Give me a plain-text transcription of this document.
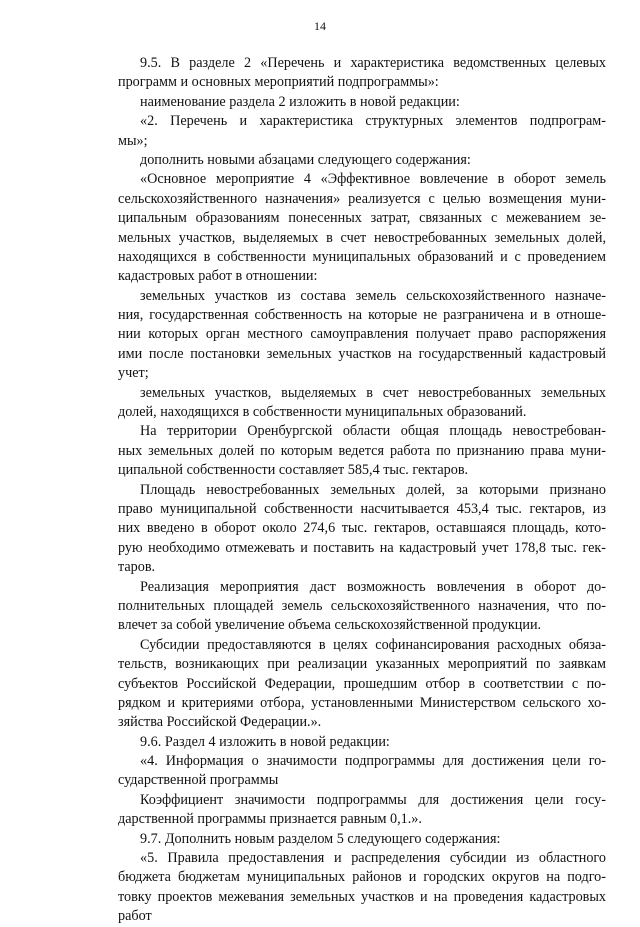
14
9.5. В разделе 2 «Перечень и характеристика ведомственных целевых
программ и основных мероприятий подпрограммы»:
наименование раздела 2 изложить в новой редакции:
«2. Перечень и характеристика структурных элементов подпрограм-
мы»;
дополнить новыми абзацами следующего содержания:
«Основное мероприятие 4 «Эффективное вовлечение в оборот земель
сельскохозяйственного назначения» реализуется с целью возмещения муни-
ципальным образованиям понесенных затрат, связанных с межеванием зе-
мельных участков, выделяемых в счет невостребованных земельных долей,
находящихся в собственности муниципальных образований и с проведением
кадастровых работ в отношении:
земельных участков из состава земель сельскохозяйственного назначе-
ния, государственная собственность на которые не разграничена и в отноше-
нии которых орган местного самоуправления получает право распоряжения
ими после постановки земельных участков на государственный кадастровый
учет;
земельных участков, выделяемых в счет невостребованных земельных
долей, находящихся в собственности муниципальных образований.
На территории Оренбургской области общая площадь невостребован-
ных земельных долей по которым ведется работа по признанию права муни-
ципальной собственности составляет 585,4 тыс. гектаров.
Площадь невостребованных земельных долей, за которыми признано
право муниципальной собственности насчитывается 453,4 тыс. гектаров, из
них введено в оборот около 274,6 тыс. гектаров, оставшаяся площадь, кото-
рую необходимо отмежевать и поставить на кадастровый учет 178,8 тыс. гек-
таров.
Реализация мероприятия даст возможность вовлечения в оборот до-
полнительных площадей земель сельскохозяйственного назначения, что по-
влечет за собой увеличение объема сельскохозяйственной продукции.
Субсидии предоставляются в целях софинансирования расходных обяза-
тельств, возникающих при реализации указанных мероприятий по заявкам
субъектов Российской Федерации, прошедшим отбор в соответствии с по-
рядком и критериями отбора, установленными Министерством сельского хо-
зяйства Российской Федерации.».
9.6. Раздел 4 изложить в новой редакции:
«4. Информация о значимости подпрограммы для достижения цели го-
сударственной программы
Коэффициент значимости подпрограммы для достижения цели госу-
дарственной программы признается равным 0,1.».
9.7. Дополнить новым разделом 5 следующего содержания:
«5. Правила предоставления и распределения субсидии из областного
бюджета бюджетам муниципальных районов и городских округов на подго-
товку проектов межевания земельных участков и на проведения кадастровых
работ
